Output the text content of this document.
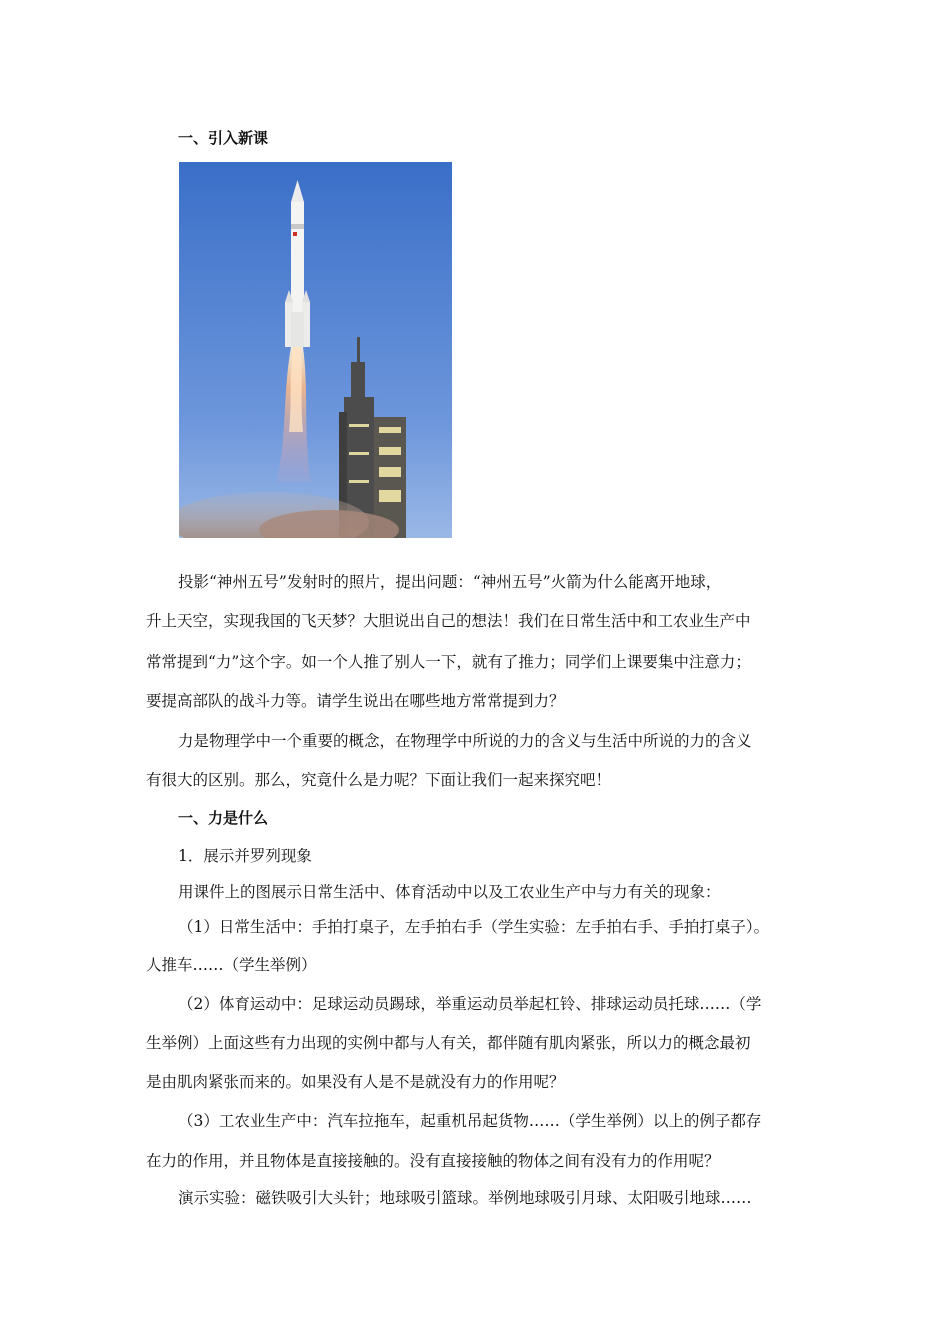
一、引入新课
投影“神州五号”发射时的照片，提出问题：“神州五号”火箭为什么能离开地球，
升上天空，实现我国的飞天梦？大胆说出自己的想法！我们在日常生活中和工农业生产中
常常提到“力”这个字。如一个人推了别人一下，就有了推力；同学们上课要集中注意力；
要提高部队的战斗力等。请学生说出在哪些地方常常提到力？
力是物理学中一个重要的概念，在物理学中所说的力的含义与生活中所说的力的含义
有很大的区别。那么，究竟什么是力呢？下面让我们一起来探究吧！
一、力是什么
1．展示并罗列现象
用课件上的图展示日常生活中、体育活动中以及工农业生产中与力有关的现象：
（1）日常生活中：手拍打桌子，左手拍右手（学生实验：左手拍右手、手拍打桌子）。
人推车……（学生举例）
（2）体育运动中：足球运动员踢球，举重运动员举起杠铃、排球运动员托球……（学
生举例）上面这些有力出现的实例中都与人有关，都伴随有肌肉紧张，所以力的概念最初
是由肌肉紧张而来的。如果没有人是不是就没有力的作用呢？
（3）工农业生产中：汽车拉拖车，起重机吊起货物……（学生举例）以上的例子都存
在力的作用，并且物体是直接接触的。没有直接接触的物体之间有没有力的作用呢？
演示实验：磁铁吸引大头针；地球吸引篮球。举例地球吸引月球、太阳吸引地球……
